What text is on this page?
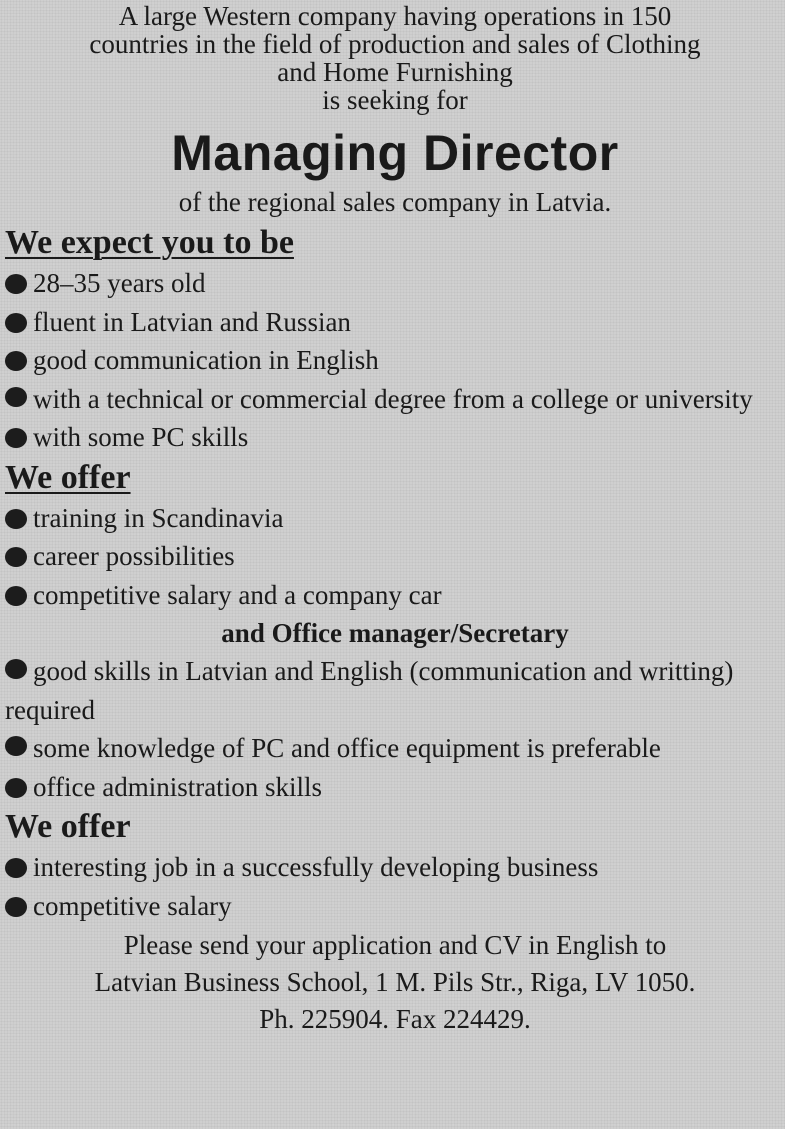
A large Western company having operations in 150
countries in the field of production and sales of Clothing
and Home Furnishing
is seeking for
Managing Director
of the regional sales company in Latvia.
We expect you to be
28–35 years old
fluent in Latvian and Russian
good communication in English
with a technical or commercial degree from a college or university
with some PC skills
We offer
training in Scandinavia
career possibilities
competitive salary and a company car
and Office manager/Secretary
good skills in Latvian and English (communication and writting) required
some knowledge of PC and office equipment is preferable
office administration skills
We offer
interesting job in a successfully developing business
competitive salary
Please send your application and CV in English to
Latvian Business School, 1 M. Pils Str., Riga, LV 1050.
Ph. 225904. Fax 224429.
